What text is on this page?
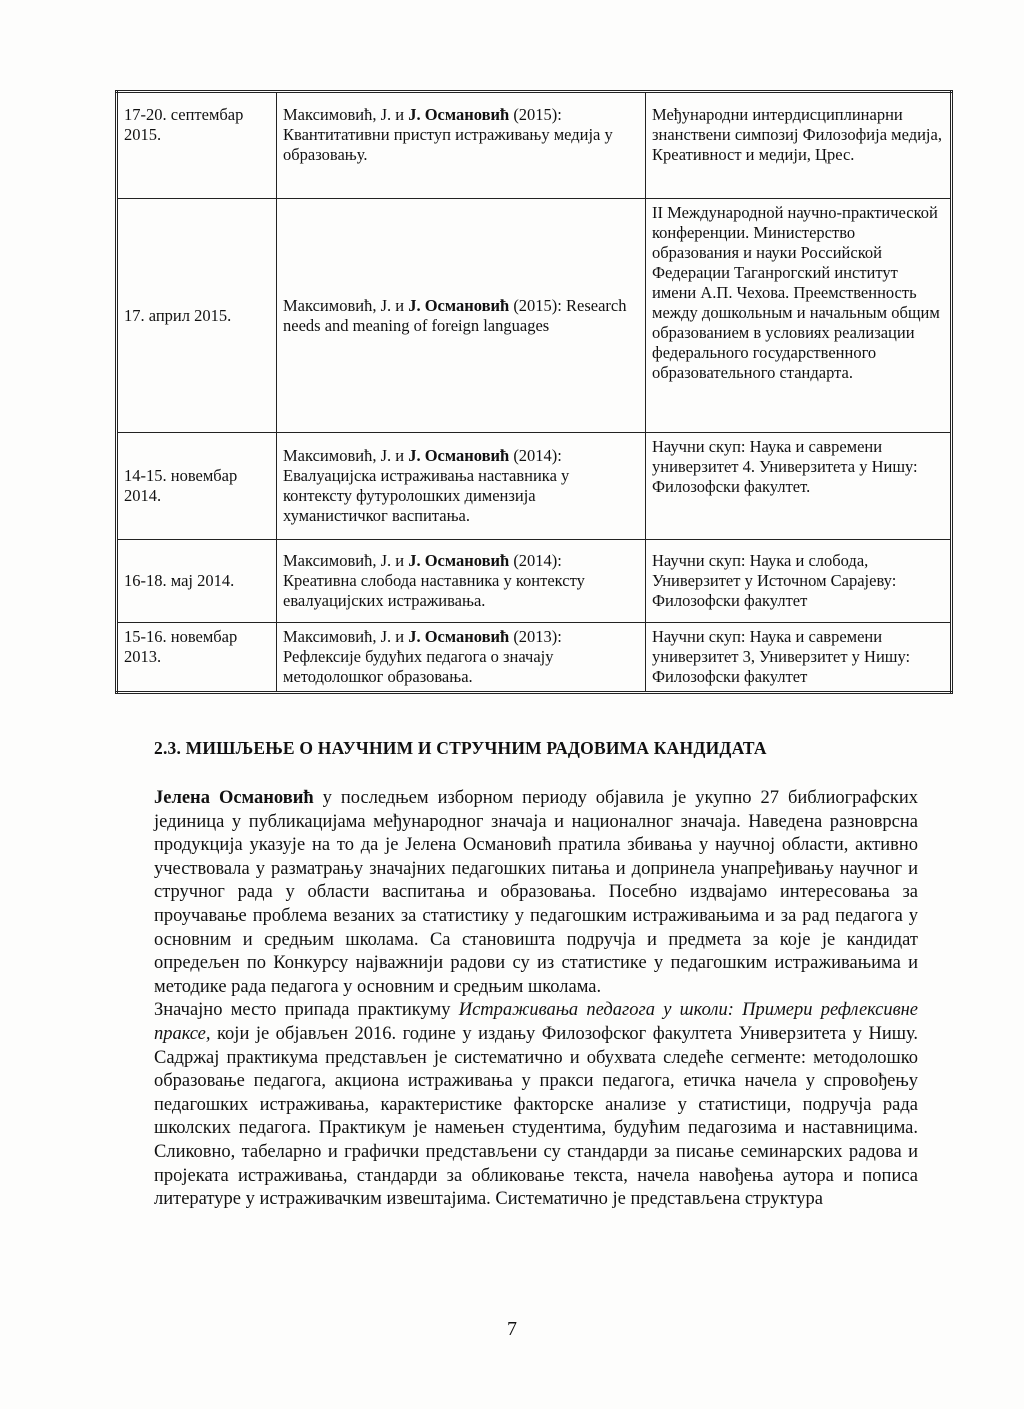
17-20. септембар 2015.	Максимовић, Ј. и Ј. Османовић (2015): Квантитативни приступ истраживању медија у образовању.	Међународни интердисциплинарни знанствени симпозиј Филозофија медија, Креативност и медији, Црес.
17. април 2015.	Максимовић, Ј. и Ј. Османовић (2015): Research needs and meaning of foreign languages	II Международной научно-практической конференции. Министерство образования и науки Российской Федерации Таганрогский институт имени А.П. Чехова. Преемственность между дошкольным и начальным общим образованием в условиях реализации федерального государственного образовательного стандарта.
14-15. новембар 2014.	Максимовић, Ј. и Ј. Османовић (2014): Евалуацијска истраживања наставника у контексту футуролошких димензија хуманистичког васпитања.	Научни скуп: Наука и савремени универзитет 4. Универзитета у Нишу: Филозофски факултет.
16-18. мај 2014.	Максимовић, Ј. и Ј. Османовић (2014): Креативна слобода наставника у контексту евалуацијских истраживања.	Научни скуп: Наука и слобода, Универзитет у Источном Сарајеву: Филозофски факултет
15-16. новембар 2013.	Максимовић, Ј. и Ј. Османовић (2013): Рефлексије будућих педагога о значају методолошког образовања.	Научни скуп: Наука и савремени универзитет 3, Универзитет у Нишу: Филозофски факултет
2.3. МИШЉЕЊЕ О НАУЧНИМ И СТРУЧНИМ РАДОВИМА КАНДИДАТА

Јелена Османовић у последњем изборном периоду објавила је укупно 27 библиографских јединица у публикацијама међународног значаја и националног значаја. Наведена разноврсна продукција указује на то да је Јелена Османовић пратила збивања у научној области, активно учествовала у разматрању значајних педагошких питања и допринела унапређивању научног и стручног рада у области васпитања и образовања. Посебно издвајамо интересовања за проучавање проблема везаних за статистику у педагошким истраживањима и за рад педагога у основним и средњим школама. Са становишта подручја и предмета за које је кандидат опредељен по Конкурсу најважнији радови су из статистике у педагошким истраживањима и методике рада педагога у основним и средњим школама.

Значајно место припада практикуму Истраживања педагога у школи: Примери рефлексивне праксе, који је објављен 2016. године у издању Филозофског факултета Универзитета у Нишу. Садржај практикума представљен је систематично и обухвата следеће сегменте: методолошко образовање педагога, акциона истраживања у пракси педагога, етичка начела у спровођењу педагошких истраживања, карактеристике факторске анализе у статистици, подручја рада школских педагога. Практикум је намењен студентима, будућим педагозима и наставницима. Сликовно, табеларно и графички представљени су стандарди за писање семинарских радова и пројеката истраживања, стандарди за обликовање текста, начела навођења аутора и пописа литературе у истраживачким извештајима. Систематично је представљена структура

7
